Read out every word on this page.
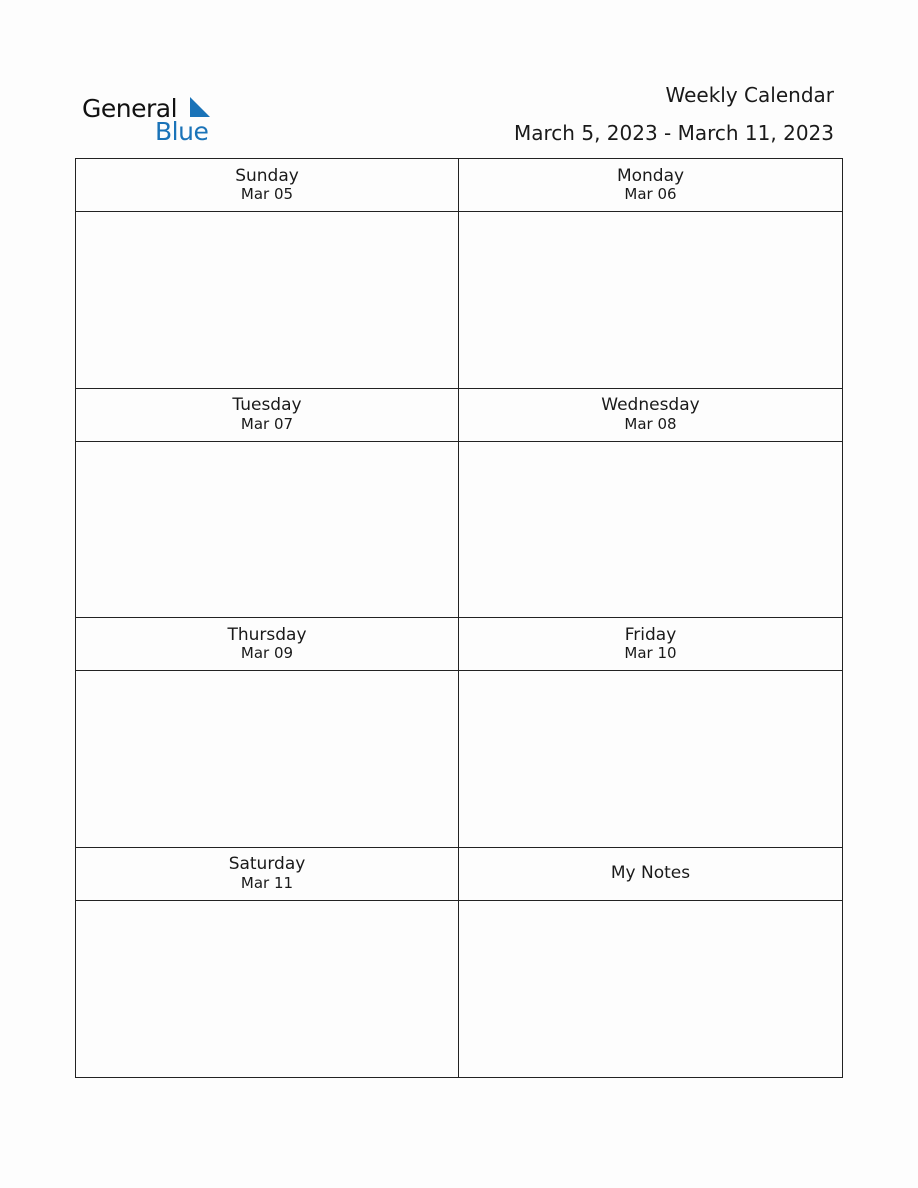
General
Blue
Weekly Calendar
March 5, 2023 - March 11, 2023
Sunday
Mar 05
Monday
Mar 06
Tuesday
Mar 07
Wednesday
Mar 08
Thursday
Mar 09
Friday
Mar 10
Saturday
Mar 11	My Notes
